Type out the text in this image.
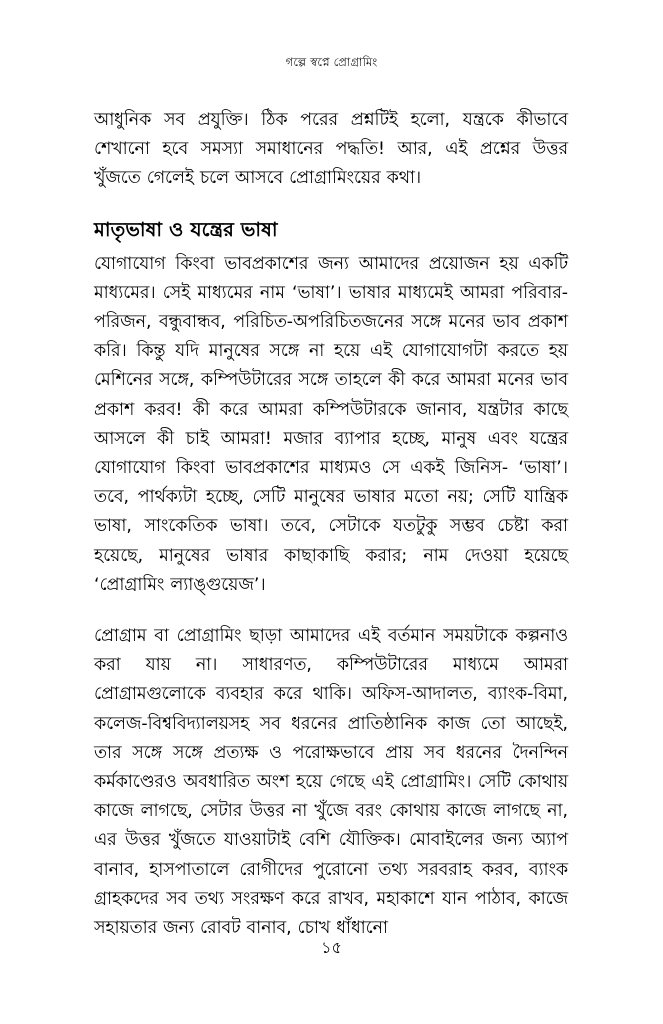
গল্পে স্বপ্নে প্রোগ্রামিং

আধুনিক সব প্রযুক্তি। ঠিক পরের প্রশ্নটিই হলো, যন্ত্রকে কীভাবে শেখানো হবে সমস্যা সমাধানের পদ্ধতি! আর, এই প্রশ্নের উত্তর খুঁজতে গেলেই চলে আসবে প্রোগ্রামিংয়ের কথা।

মাতৃভাষা ও যন্ত্রের ভাষা

যোগাযোগ কিংবা ভাবপ্রকাশের জন্য আমাদের প্রয়োজন হয় একটি মাধ্যমের। সেই মাধ্যমের নাম ‘ভাষা’। ভাষার মাধ্যমেই আমরা পরিবার-পরিজন, বন্ধুবান্ধব, পরিচিত-অপরিচিতজনের সঙ্গে মনের ভাব প্রকাশ করি। কিন্তু যদি মানুষের সঙ্গে না হয়ে এই যোগাযোগটা করতে হয় মেশিনের সঙ্গে, কম্পিউটারের সঙ্গে তাহলে কী করে আমরা মনের ভাব প্রকাশ করব! কী করে আমরা কম্পিউটারকে জানাব, যন্ত্রটার কাছে আসলে কী চাই আমরা! মজার ব্যাপার হচ্ছে, মানুষ এবং যন্ত্রের যোগাযোগ কিংবা ভাবপ্রকাশের মাধ্যমও সে একই জিনিস- ‘ভাষা’। তবে, পার্থক্যটা হচ্ছে, সেটি মানুষের ভাষার মতো নয়; সেটি যান্ত্রিক ভাষা, সাংকেতিক ভাষা। তবে, সেটাকে যতটুকু সম্ভব চেষ্টা করা হয়েছে, মানুষের ভাষার কাছাকাছি করার; নাম দেওয়া হয়েছে ‘প্রোগ্রামিং ল্যাঙ্গুয়েজ’।

প্রোগ্রাম বা প্রোগ্রামিং ছাড়া আমাদের এই বর্তমান সময়টাকে কল্পনাও করা যায় না। সাধারণত, কম্পিউটারের মাধ্যমে আমরা প্রোগ্রামগুলোকে ব্যবহার করে থাকি। অফিস-আদালত, ব্যাংক-বিমা, কলেজ-বিশ্ববিদ্যালয়সহ সব ধরনের প্রাতিষ্ঠানিক কাজ তো আছেই, তার সঙ্গে সঙ্গে প্রত্যক্ষ ও পরোক্ষভাবে প্রায় সব ধরনের দৈনন্দিন কর্মকাণ্ডেরও অবধারিত অংশ হয়ে গেছে এই প্রোগ্রামিং। সেটি কোথায় কাজে লাগছে, সেটার উত্তর না খুঁজে বরং কোথায় কাজে লাগছে না, এর উত্তর খুঁজতে যাওয়াটাই বেশি যৌক্তিক। মোবাইলের জন্য অ্যাপ বানাব, হাসপাতালে রোগীদের পুরোনো তথ্য সরবরাহ করব, ব্যাংক গ্রাহকদের সব তথ্য সংরক্ষণ করে রাখব, মহাকাশে যান পাঠাব, কাজে সহায়তার জন্য রোবট বানাব, চোখ ধাঁধানো

১৫
